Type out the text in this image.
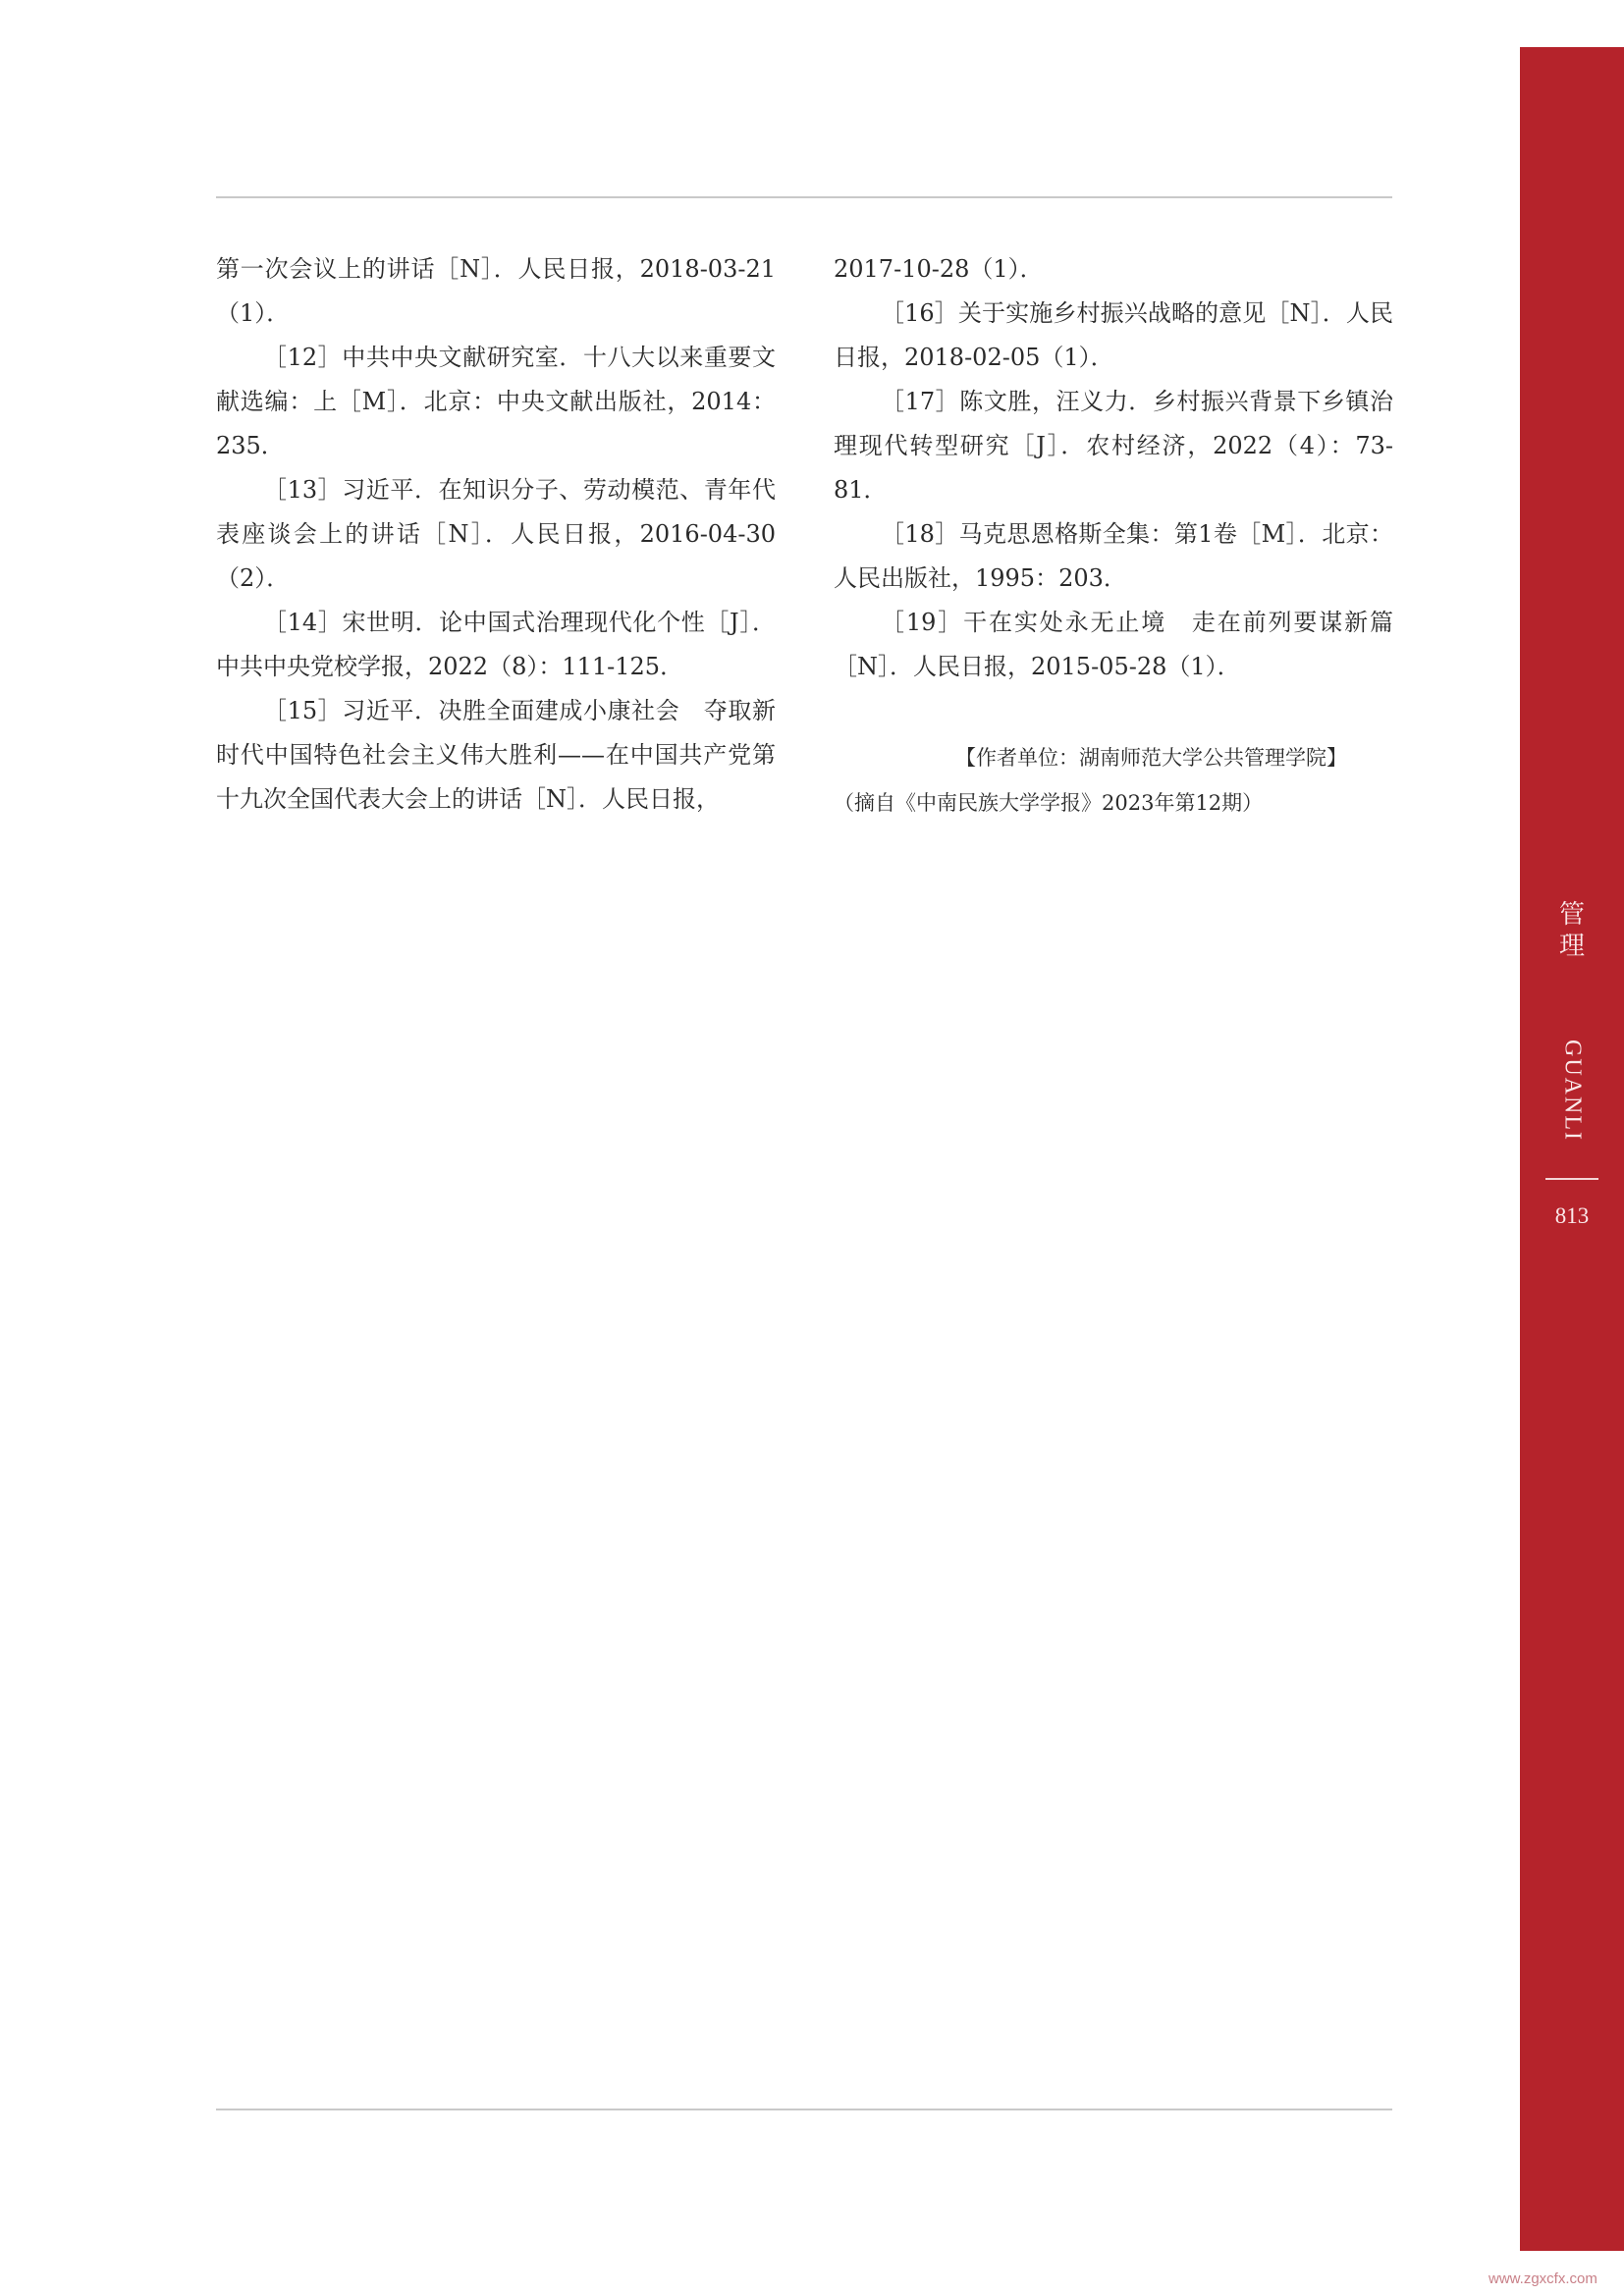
第一次会议上的讲话［N］．人民日报，2018-03-21（1）．

［12］中共中央文献研究室．十八大以来重要文献选编：上［M］．北京：中央文献出版社，2014：235．

［13］习近平．在知识分子、劳动模范、青年代表座谈会上的讲话［N］．人民日报，2016-04-30（2）．

［14］宋世明．论中国式治理现代化个性［J］．中共中央党校学报，2022（8）：111-125．

［15］习近平．决胜全面建成小康社会　夺取新时代中国特色社会主义伟大胜利——在中国共产党第十九次全国代表大会上的讲话［N］．人民日报，

2017-10-28（1）．

［16］关于实施乡村振兴战略的意见［N］．人民日报，2018-02-05（1）．

［17］陈文胜，汪义力．乡村振兴背景下乡镇治理现代转型研究［J］．农村经济，2022（4）：73-81．

［18］马克思恩格斯全集：第1卷［M］．北京：人民出版社，1995：203．

［19］干在实处永无止境　走在前列要谋新篇［N］．人民日报，2015-05-28（1）．

【作者单位：湖南师范大学公共管理学院】
（摘自《中南民族大学学报》2023年第12期）
管
理
GUANLI
813
www.zgxcfx.com
